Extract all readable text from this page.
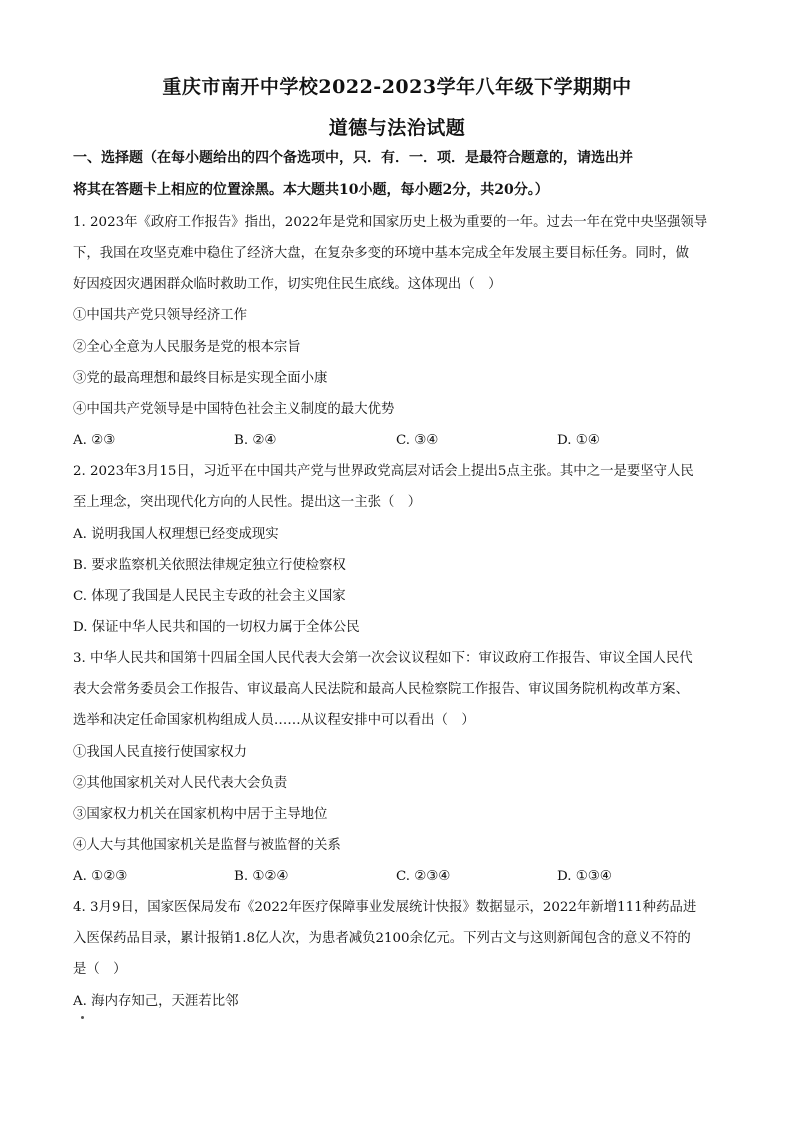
重庆市南开中学校2022-2023学年八年级下学期期中
道德与法治试题
一、选择题（在每小题给出的四个备选项中，只．有．一．项．是最符合题意的，请选出并
将其在答题卡上相应的位置涂黑。本大题共10小题，每小题2分，共20分。）
1. 2023年《政府工作报告》指出，2022年是党和国家历史上极为重要的一年。过去一年在党中央坚强领导
下，我国在攻坚克难中稳住了经济大盘，在复杂多变的环境中基本完成全年发展主要目标任务。同时，做
好因疫因灾遇困群众临时救助工作，切实兜住民生底线。这体现出（　）
①中国共产党只领导经济工作
②全心全意为人民服务是党的根本宗旨
③党的最高理想和最终目标是实现全面小康
④中国共产党领导是中国特色社会主义制度的最大优势
A. ②③	B. ②④	C. ③④	D. ①④
2. 2023年3月15日，习近平在中国共产党与世界政党高层对话会上提出5点主张。其中之一是要坚守人民
至上理念，突出现代化方向的人民性。提出这一主张（　）
A. 说明我国人权理想已经变成现实
B. 要求监察机关依照法律规定独立行使检察权
C. 体现了我国是人民民主专政的社会主义国家
D. 保证中华人民共和国的一切权力属于全体公民
3. 中华人民共和国第十四届全国人民代表大会第一次会议议程如下：审议政府工作报告、审议全国人民代
表大会常务委员会工作报告、审议最高人民法院和最高人民检察院工作报告、审议国务院机构改革方案、
选举和决定任命国家机构组成人员……从议程安排中可以看出（　）
①我国人民直接行使国家权力
②其他国家机关对人民代表大会负责
③国家权力机关在国家机构中居于主导地位
④人大与其他国家机关是监督与被监督的关系
A. ①②③	B. ①②④	C. ②③④	D. ①③④
4. 3月9日，国家医保局发布《2022年医疗保障事业发展统计快报》数据显示，2022年新增111种药品进
入医保药品目录，累计报销1.8亿人次，为患者减负2100余亿元。下列古文与这则新闻包含的意义不符的
是（　）
A. 海内存知己，天涯若比邻
